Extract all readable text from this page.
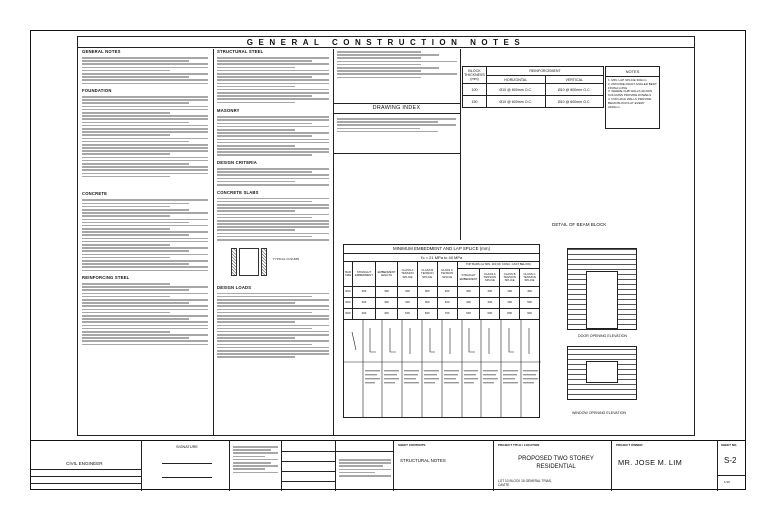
GENERAL CONSTRUCTION NOTES
GENERAL NOTES
FOUNDATION
CONCRETE
REINFORCING STEEL
STRUCTURAL STEEL
MASONRY
DESIGN CRITERIA
CONCRETE SLABS
TYPICAL COLUMN
DESIGN LOADS
DRAWING INDEX
BLOCK THICKNESS (mm)	REINFORCEMENT	
	HORIZONTAL	VERTICAL
100	Ø10 @ 600mm O.C.	Ø10 @ 800mm O.C.
150	Ø10 @ 600mm O.C.	Ø10 @ 600mm O.C.
NOTES
1. MIN. LAP SPLICE 300mm
2. PROVIDE RIGHT ANGLED BENT FINISH LONG
3. WHERE CHB WALLS ADJOIN COLUMNS PROVIDE DOWELS
4. FOR HIGH WALLS PROVIDE BEAM BLOCKS AT EVERY 2400mm
MINIMUM EMBEDMENT AND LAP SPLICE (mm)									
f'c = 21 MPa to 40 MPa									
BAR SIZE	STRAIGHT EMBEDMENT	EMBEDMENT LENGTH	CLASS A TENSION SPLICE	CLASS B TENSION SPLICE	CLASS C TENSION SPLICE	TOP BARS (w/ MIN. 300 OF CONC. CAST BELOW)			
						STRAIGHT EMBEDMENT	CLASS A TENSION SPLICE	CLASS B TENSION SPLICE	CLASS C TENSION SPLICE
Ø10	300	300	300	300	300	300	400	400	400
Ø12	300	300	300	300	400	400	400	400	500
Ø16	400	300	500	600	700	500	600	800	900
DETAIL OF BEAM BLOCK
DOOR OPENING ELEVATION
WINDOW OPENING ELEVATION
CIVIL ENGINEER
SIGNATURE	SHEET CONTENTS
STRUCTURAL NOTES
PROJECT TITLE / LOCATION
PROPOSED TWO STOREY RESIDENTIAL
LOT 10 BLOCK 15 GENERAL TRIAS, CAVITE
PROJECT OWNER
MR. JOSE M. LIM
SHEET NO.
S-2
1/10
